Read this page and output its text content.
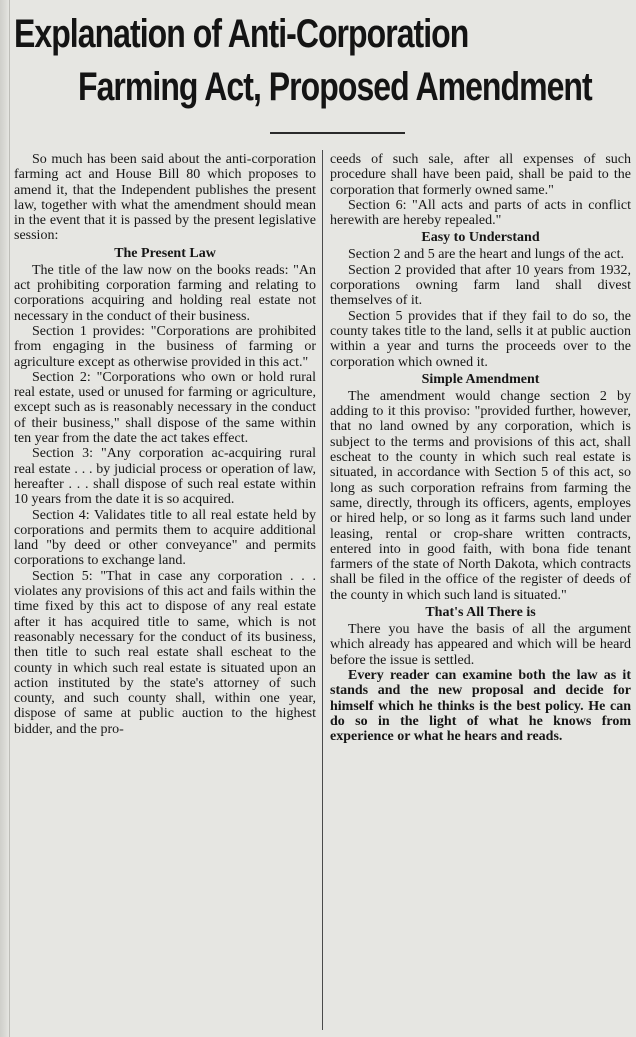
Explanation of Anti-Corporation
Farming Act, Proposed Amendment

So much has been said about the anti-corporation farming act and House Bill 80 which proposes to amend it, that the Independent publishes the present law, together with what the amendment should mean in the event that it is passed by the present legislative session:

The Present Law

The title of the law now on the books reads: "An act prohibiting corporation farming and relating to corporations acquiring and holding real estate not necessary in the conduct of their business.

Section 1 provides: "Corporations are prohibited from engaging in the business of farming or agriculture except as otherwise provided in this act."

Section 2: "Corporations who own or hold rural real estate, used or unused for farming or agriculture, except such as is reasonably necessary in the conduct of their business," shall dispose of the same within ten year from the date the act takes effect.

Section 3: "Any corporation ac-acquiring rural real estate . . . by judicial process or operation of law, hereafter . . . shall dispose of such real estate within 10 years from the date it is so acquired.

Section 4: Validates title to all real estate held by corporations and permits them to acquire additional land "by deed or other conveyance" and permits corporations to exchange land.

Section 5: "That in case any corporation . . . violates any provisions of this act and fails within the time fixed by this act to dispose of any real estate after it has acquired title to same, which is not reasonably necessary for the conduct of its business, then title to such real estate shall escheat to the county in which such real estate is situated upon an action instituted by the state's attorney of such county, and such county shall, within one year, dispose of same at public auction to the highest bidder, and the pro-

ceeds of such sale, after all expenses of such procedure shall have been paid, shall be paid to the corporation that formerly owned same."

Section 6: "All acts and parts of acts in conflict herewith are hereby repealed."

Easy to Understand

Section 2 and 5 are the heart and lungs of the act.

Section 2 provided that after 10 years from 1932, corporations owning farm land shall divest themselves of it.

Section 5 provides that if they fail to do so, the county takes title to the land, sells it at public auction within a year and turns the proceeds over to the corporation which owned it.

Simple Amendment

The amendment would change section 2 by adding to it this proviso: "provided further, however, that no land owned by any corporation, which is subject to the terms and provisions of this act, shall escheat to the county in which such real estate is situated, in accordance with Section 5 of this act, so long as such corporation refrains from farming the same, directly, through its officers, agents, employes or hired help, or so long as it farms such land under leasing, rental or crop-share written contracts, entered into in good faith, with bona fide tenant farmers of the state of North Dakota, which contracts shall be filed in the office of the register of deeds of the county in which such land is situated."

That's All There is

There you have the basis of all the argument which already has appeared and which will be heard before the issue is settled.

Every reader can examine both the law as it stands and the new proposal and decide for himself which he thinks is the best policy. He can do so in the light of what he knows from experience or what he hears and reads.
